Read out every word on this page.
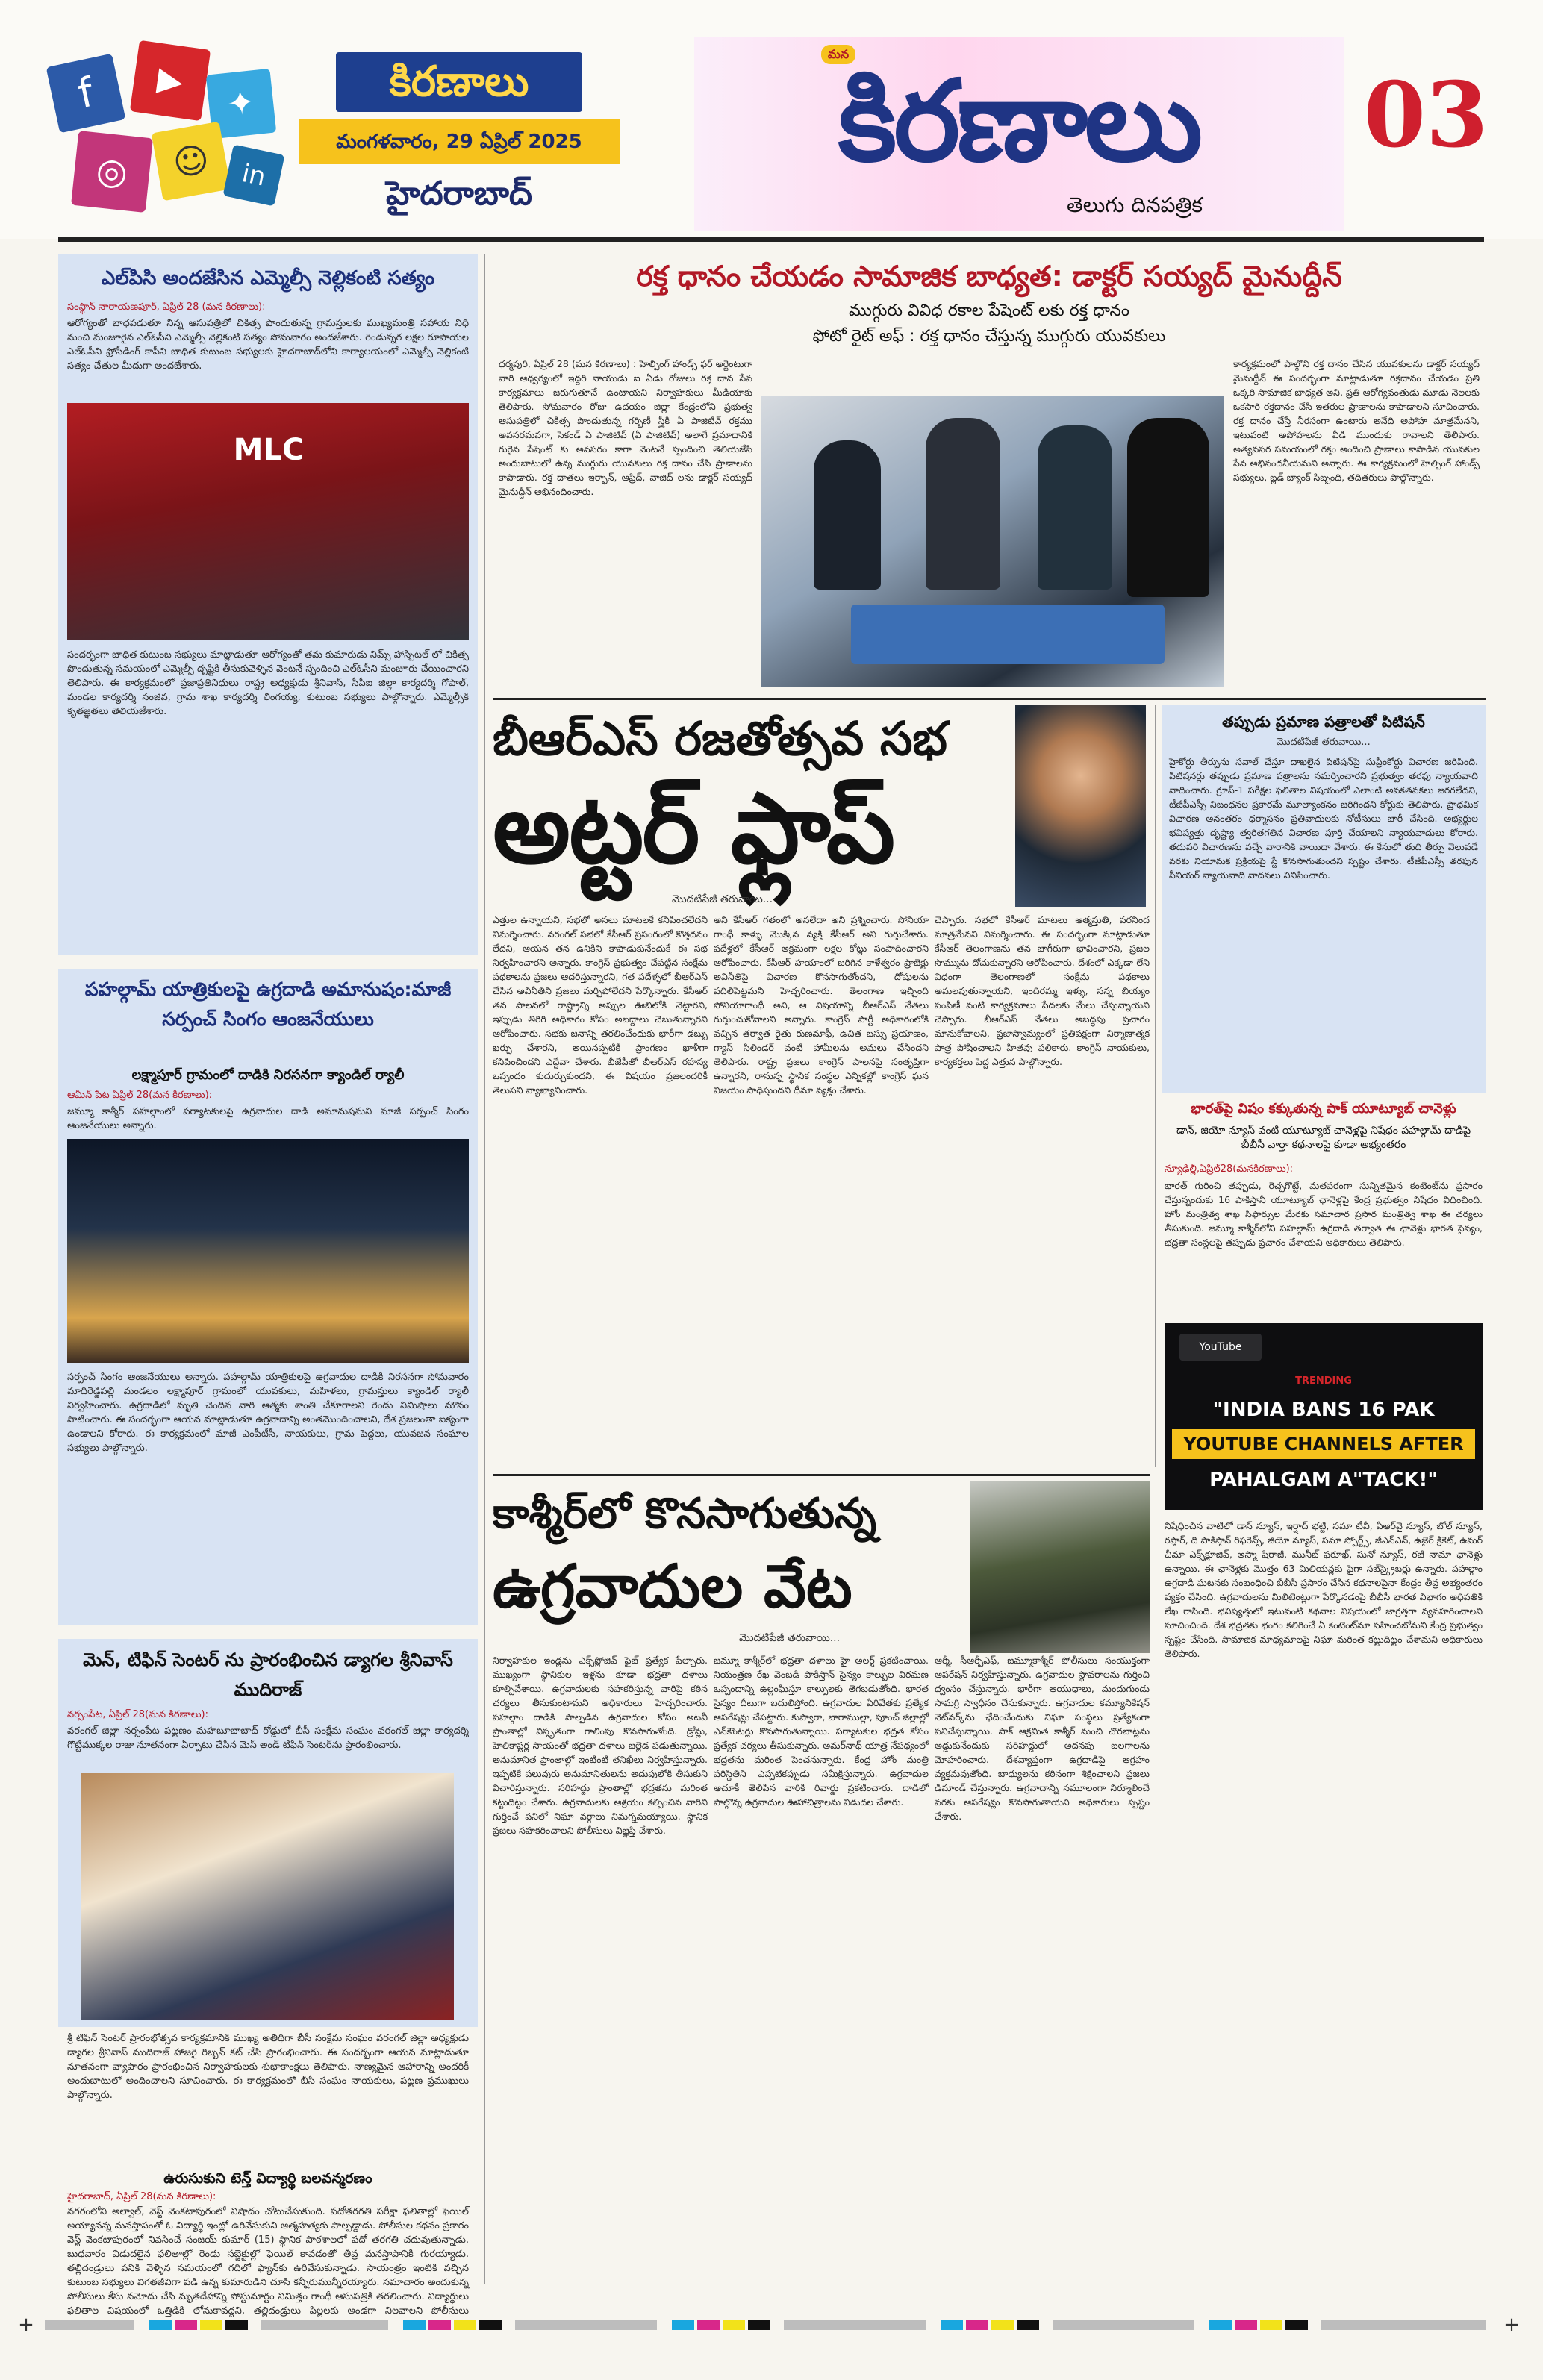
f	▶
✦
◎	☺	in
కిరణాలు
మంగళవారం, 29 ఏప్రిల్ 2025
హైదరాబాద్
మన
కిరణాలు
తెలుగు దినపత్రిక
03
ఎల్‌పిసి అందజేసిన ఎమ్మెల్సీ నెల్లికంటి సత్యం
సంస్థాన్ నారాయణపూర్, ఏప్రిల్ 28 (మన కిరణాలు):
ఆరోగ్యంతో బాధపడుతూ నిన్న ఆసుపత్రిలో చికిత్స పొందుతున్న గ్రామస్తులకు ముఖ్యమంత్రి సహాయ నిధి నుంచి మంజూరైన ఎల్‌ఓసీని ఎమ్మెల్సీ నెల్లికంటి సత్యం సోమవారం అందజేశారు. రెండున్నర లక్షల రూపాయల ఎల్‌ఓసీని ఫ్రోసీడింగ్ కాపీని బాధిత కుటుంబ సభ్యులకు హైదరాబాద్‌లోని కార్యాలయంలో ఎమ్మెల్సీ నెల్లికంటి సత్యం చేతుల మీదుగా అందజేశారు.
MLC
సందర్భంగా బాధిత కుటుంబ సభ్యులు మాట్లాడుతూ ఆరోగ్యంతో తమ కుమారుడు నిమ్స్ హాస్పిటల్ లో చికిత్స పొందుతున్న సమయంలో ఎమ్మెల్సీ దృష్టికి తీసుకువెళ్ళిన వెంటనే స్పందించి ఎల్‌ఓసీని మంజూరు చేయించారని తెలిపారు. ఈ కార్యక్రమంలో ప్రజాప్రతినిధులు రాష్ట్ర అధ్యక్షుడు శ్రీనివాస్, సీపీఐ జిల్లా కార్యదర్శి గోపాల్, మండల కార్యదర్శి సంజీవ, గ్రామ శాఖ కార్యదర్శి లింగయ్య, కుటుంబ సభ్యులు పాల్గొన్నారు. ఎమ్మెల్సీకి కృతజ్ఞతలు తెలియజేశారు.
పహల్గామ్ యాత్రికులపై ఉగ్రదాడి అమానుషం:మాజీ సర్పంచ్ సింగం ఆంజనేయులు
లక్ష్మాపూర్ గ్రామంలో దాడికి నిరసనగా క్యాండిల్ ర్యాలీ
ఆమీన్ పేట ఏప్రిల్ 28(మన కిరణాలు):
జమ్మూ కాశ్మీర్ పహల్గాంలో పర్యాటకులపై ఉగ్రవాదుల దాడి అమానుషమని మాజీ సర్పంచ్ సింగం ఆంజనేయులు అన్నారు.
సర్పంచ్ సింగం ఆంజనేయులు అన్నారు. పహల్గామ్ యాత్రికులపై ఉగ్రవాదుల దాడికి నిరసనగా సోమవారం మాదిరెడ్డిపల్లి మండలం లక్ష్మాపూర్ గ్రామంలో యువకులు, మహిళలు, గ్రామస్తులు క్యాండిల్ ర్యాలీ నిర్వహించారు. ఉగ్రదాడిలో మృతి చెందిన వారి ఆత్మకు శాంతి చేకూరాలని రెండు నిమిషాలు మౌనం పాటించారు. ఈ సందర్భంగా ఆయన మాట్లాడుతూ ఉగ్రవాదాన్ని అంతమొందించాలని, దేశ ప్రజలంతా ఐక్యంగా ఉండాలని కోరారు. ఈ కార్యక్రమంలో మాజీ ఎంపీటీసీ, నాయకులు, గ్రామ పెద్దలు, యువజన సంఘాల సభ్యులు పాల్గొన్నారు.
మెన్, టిఫిన్ సెంటర్ ను ప్రారంభించిన డ్యాగల శ్రీనివాస్ ముదిరాజ్
నర్సంపేట, ఏప్రిల్ 28(మన కిరణాలు):
వరంగల్ జిల్లా నర్సంపేట పట్టణం మహబూబాబాద్ రోడ్డులో బీసీ సంక్షేమ సంఘం వరంగల్ జిల్లా కార్యదర్శి గొట్టిముక్కల రాజు నూతనంగా ఏర్పాటు చేసిన మెస్ అండ్ టిఫిన్ సెంటర్‌ను ప్రారంభించారు.
శ్రీ టిఫిన్ సెంటర్ ప్రారంభోత్సవ కార్యక్రమానికి ముఖ్య అతిథిగా బీసీ సంక్షేమ సంఘం వరంగల్ జిల్లా అధ్యక్షుడు డ్యాగల శ్రీనివాస్ ముదిరాజ్ హాజరై రిబ్బన్ కట్ చేసి ప్రారంభించారు. ఈ సందర్భంగా ఆయన మాట్లాడుతూ నూతనంగా వ్యాపారం ప్రారంభించిన నిర్వాహకులకు శుభాకాంక్షలు తెలిపారు. నాణ్యమైన ఆహారాన్ని అందరికీ అందుబాటులో అందించాలని సూచించారు. ఈ కార్యక్రమంలో బీసీ సంఘం నాయకులు, పట్టణ ప్రముఖులు పాల్గొన్నారు.
ఉరుసుకుని టెన్త్ విద్యార్థి బలవన్మరణం
హైదరాబాద్, ఏప్రిల్ 28(మన కిరణాలు):
నగరంలోని అల్వాల్, వెస్ట్ వెంకటాపురంలో విషాదం చోటుచేసుకుంది. పదోతరగతి పరీక్షా ఫలితాల్లో ఫెయిల్ అయ్యానన్న మనస్తాపంతో ఓ విద్యార్థి ఇంట్లో ఉరివేసుకుని ఆత్మహత్యకు పాల్పడ్డాడు. పోలీసుల కథనం ప్రకారం వెస్ట్ వెంకటాపురంలో నివసించే సంజయ్ కుమార్ (15) స్థానిక పాఠశాలలో పదో తరగతి చదువుతున్నాడు. బుధవారం విడుదలైన ఫలితాల్లో రెండు సబ్జెక్టుల్లో ఫెయిల్ కావడంతో తీవ్ర మనస్తాపానికి గురయ్యాడు. తల్లిదండ్రులు పనికి వెళ్ళిన సమయంలో గదిలో ఫ్యాన్‌కు ఉరివేసుకున్నాడు. సాయంత్రం ఇంటికి వచ్చిన కుటుంబ సభ్యులు విగతజీవిగా పడి ఉన్న కుమారుడిని చూసి కన్నీరుమున్నీరయ్యారు. సమాచారం అందుకున్న పోలీసులు కేసు నమోదు చేసి మృతదేహాన్ని పోస్టుమార్టం నిమిత్తం గాంధీ ఆసుపత్రికి తరలించారు. విద్యార్థులు ఫలితాల విషయంలో ఒత్తిడికి లోనుకావద్దని, తల్లిదండ్రులు పిల్లలకు అండగా నిలవాలని పోలీసులు
రక్త ధానం చేయడం సామాజిక బాధ్యత: డాక్టర్ సయ్యద్ మైనుద్దీన్
ముగ్గురు వివిధ రకాల పేషెంట్ లకు రక్త ధానం
ఫోటో రైట్ అఫ్ : రక్త ధానం చేస్తున్న ముగ్గురు యువకులు
ధర్మపురి, ఏప్రిల్ 28 (మన కిరణాలు) : హెల్పింగ్ హాండ్స్ ఫర్ అర్జెంటుగా వారి ఆధ్వర్యంలో ఇద్దరి నాయుడు ఐ ఏడు రోజులు రక్త దాన సేవ కార్యక్రమాలు జరుగుతూనే ఉంటాయని నిర్వాహకులు మీడియాకు తెలిపారు. సోమవారం రోజు ఉదయం జిల్లా కేంద్రంలోని ప్రభుత్వ ఆసుపత్రిలో చికిత్స పొందుతున్న గర్భిణీ స్త్రీకి ఏ పాజిటివ్ రక్తము అవసరమవగా, సెకండ్ ఏ పాజిటివ్ (ఏ పాజిటివ్) అలాగే ప్రమాదానికి గురైన పేషెంట్ కు అవసరం కాగా వెంటనే స్పందించి తెలియజేసి అందుబాటులో ఉన్న ముగ్గురు యువకులు రక్త దానం చేసి ప్రాణాలను కాపాడారు. రక్త దాతలు ఇర్ఫాన్, ఆఫ్రిద్, వాజిద్ లను డాక్టర్ సయ్యద్ మైనుద్దీన్ అభినందించారు.
కార్యక్రమంలో పాల్గొని రక్త దానం చేసిన యువకులను డాక్టర్ సయ్యద్ మైనుద్దీన్ ఈ సందర్భంగా మాట్లాడుతూ రక్తదానం చేయడం ప్రతి ఒక్కరి సామాజిక బాధ్యత అని, ప్రతి ఆరోగ్యవంతుడు మూడు నెలలకు ఒకసారి రక్తదానం చేసి ఇతరుల ప్రాణాలను కాపాడాలని సూచించారు. రక్త దానం చేస్తే నీరసంగా ఉంటారు అనేది అపోహ మాత్రమేనని, ఇటువంటి అపోహలను వీడి ముందుకు రావాలని తెలిపారు. అత్యవసర సమయంలో రక్తం అందించి ప్రాణాలు కాపాడిన యువకుల సేవ అభినందనీయమని అన్నారు. ఈ కార్యక్రమంలో హెల్పింగ్ హాండ్స్ సభ్యులు, బ్లడ్ బ్యాంక్ సిబ్బంది, తదితరులు పాల్గొన్నారు.
బీఆర్ఎస్ రజతోత్సవ సభ
అట్టర్ ఫ్లాప్
మొదటిపేజీ తరువాయి...
ఎత్తుల ఉన్నాయని, సభలో అసలు మాటలకే కనిపించలేదని విమర్శించారు. వరంగల్ సభలో కేసీఆర్ ప్రసంగంలో కొత్తదనం లేదని, ఆయన తన ఉనికిని కాపాడుకునేందుకే ఈ సభ నిర్వహించారని అన్నారు. కాంగ్రెస్ ప్రభుత్వం చేపట్టిన సంక్షేమ పథకాలను ప్రజలు ఆదరిస్తున్నారని, గత పదేళ్ళలో బీఆర్ఎస్ చేసిన అవినీతిని ప్రజలు మర్చిపోలేదని పేర్కొన్నారు. కేసీఆర్ తన పాలనలో రాష్ట్రాన్ని అప్పుల ఊబిలోకి నెట్టారని, ఇప్పుడు తిరిగి అధికారం కోసం అబద్దాలు చెబుతున్నారని ఆరోపించారు. సభకు జనాన్ని తరలించేందుకు భారీగా డబ్బు ఖర్చు చేశారని, అయినప్పటికీ ప్రాంగణం ఖాళీగా కనిపించిందని ఎద్దేవా చేశారు. బీజేపీతో బీఆర్ఎస్ రహస్య ఒప్పందం కుదుర్చుకుందని, ఈ విషయం ప్రజలందరికీ తెలుసని వ్యాఖ్యానించారు.
అని కేసీఆర్ గతంలో అనలేదా అని ప్రశ్నించారు. సోనియా గాంధీ కాళ్ళు మొక్కిన వ్యక్తి కేసీఆర్ అని గుర్తుచేశారు. పదేళ్లలో కేసీఆర్ అక్రమంగా లక్షల కోట్లు సంపాదించారని ఆరోపించారు. కేసీఆర్ హయాంలో జరిగిన కాళేశ్వరం ప్రాజెక్టు అవినీతిపై విచారణ కొనసాగుతోందని, దోషులను వదిలిపెట్టమని హెచ్చరించారు. తెలంగాణ ఇచ్చింది సోనియాగాంధీ అని, ఆ విషయాన్ని బీఆర్ఎస్ నేతలు గుర్తుంచుకోవాలని అన్నారు. కాంగ్రెస్ పార్టీ అధికారంలోకి వచ్చిన తర్వాత రైతు రుణమాఫీ, ఉచిత బస్సు ప్రయాణం, గ్యాస్ సిలిండర్ వంటి హామీలను అమలు చేసిందని తెలిపారు. రాష్ట్ర ప్రజలు కాంగ్రెస్ పాలనపై సంతృప్తిగా ఉన్నారని, రానున్న స్థానిక సంస్థల ఎన్నికల్లో కాంగ్రెస్ ఘన విజయం సాధిస్తుందని ధీమా వ్యక్తం చేశారు.
చెప్పారు. సభలో కేసీఆర్ మాటలు ఆత్మస్తుతి, పరనింద మాత్రమేనని విమర్శించారు. ఈ సందర్భంగా మాట్లాడుతూ కేసీఆర్ తెలంగాణను తన జాగీరుగా భావించారని, ప్రజల సొమ్మును దోచుకున్నారని ఆరోపించారు. దేశంలో ఎక్కడా లేని విధంగా తెలంగాణలో సంక్షేమ పథకాలు అమలవుతున్నాయని, ఇందిరమ్మ ఇళ్ళు, సన్న బియ్యం పంపిణీ వంటి కార్యక్రమాలు పేదలకు మేలు చేస్తున్నాయని చెప్పారు. బీఆర్ఎస్ నేతలు అబద్ధపు ప్రచారం మానుకోవాలని, ప్రజాస్వామ్యంలో ప్రతిపక్షంగా నిర్మాణాత్మక పాత్ర పోషించాలని హితవు పలికారు. కాంగ్రెస్ నాయకులు, కార్యకర్తలు పెద్ద ఎత్తున పాల్గొన్నారు.
తప్పుడు ప్రమాణ పత్రాలతో పిటిషన్
మొదటిపేజీ తరువాయి...
హైకోర్టు తీర్పును సవాల్ చేస్తూ దాఖలైన పిటిషన్‌పై సుప్రీంకోర్టు విచారణ జరిపింది. పిటిషనర్లు తప్పుడు ప్రమాణ పత్రాలను సమర్పించారని ప్రభుత్వం తరఫు న్యాయవాది వాదించారు. గ్రూప్-1 పరీక్షల ఫలితాల విషయంలో ఎలాంటి అవకతవకలు జరగలేదని, టీజీపీఎస్సీ నిబంధనల ప్రకారమే మూల్యాంకనం జరిగిందని కోర్టుకు తెలిపారు. ప్రాథమిక విచారణ అనంతరం ధర్మాసనం ప్రతివాదులకు నోటీసులు జారీ చేసింది. అభ్యర్థుల భవిష్యత్తు దృష్ట్యా త్వరితగతిన విచారణ పూర్తి చేయాలని న్యాయవాదులు కోరారు. తదుపరి విచారణను వచ్చే వారానికి వాయిదా వేశారు. ఈ కేసులో తుది తీర్పు వెలువడే వరకు నియామక ప్రక్రియపై స్టే కొనసాగుతుందని స్పష్టం చేశారు. టీజీపీఎస్సీ తరఫున సీనియర్ న్యాయవాది వాదనలు వినిపించారు.
భారత్‌పై విషం కక్కుతున్న పాక్ యూట్యూబ్ చానెళ్లు
డాన్, జియో న్యూస్ వంటి యూట్యూబ్ చానెళ్లపై నిషేధం పహల్గామ్ దాడిపై బీబీసీ వార్తా కథనాలపై కూడా అభ్యంతరం
న్యూఢిల్లీ,ఏప్రిల్28(మనకిరణాలు):
భారత్ గురించి తప్పుడు, రెచ్చగొట్టే, మతపరంగా సున్నితమైన కంటెంట్‌ను ప్రసారం చేస్తున్నందుకు 16 పాకిస్తానీ యూట్యూబ్ ఛానెళ్లపై కేంద్ర ప్రభుత్వం నిషేధం విధించింది. హోం మంత్రిత్వ శాఖ సిఫార్సుల మేరకు సమాచార ప్రసార మంత్రిత్వ శాఖ ఈ చర్యలు తీసుకుంది. జమ్మూ కాశ్మీర్‌లోని పహల్గామ్ ఉగ్రదాడి తర్వాత ఈ ఛానెళ్లు భారత సైన్యం, భద్రతా సంస్థలపై తప్పుడు ప్రచారం చేశాయని అధికారులు తెలిపారు.
YouTube
TRENDING
"INDIA BANS 16 PAK
YOUTUBE CHANNELS AFTER
PAHALGAM A"TACK!"
నిషేధించిన వాటిలో డాన్ న్యూస్, ఇర్షాద్ భట్టి, సమా టీవీ, ఏఆర్‌వై న్యూస్, బోల్ న్యూస్, రఫ్తార్, ది పాకిస్తాన్ రిఫరెన్స్, జియో న్యూస్, సమా స్పోర్ట్స్, జీఎన్ఎన్, ఉజైర్ క్రికెట్, ఉమర్ చీమా ఎక్స్‌క్లూజివ్, అస్మా షిరాజీ, మునీబ్ ఫరూఖ్, సునో న్యూస్, రజీ నామా ఛానెళ్లు ఉన్నాయి. ఈ ఛానెళ్లకు మొత్తం 63 మిలియన్లకు పైగా సబ్‌స్క్రైబర్లు ఉన్నారు. పహల్గాం ఉగ్రదాడి ఘటనకు సంబంధించి బీబీసీ ప్రసారం చేసిన కథనాలపైనా కేంద్రం తీవ్ర అభ్యంతరం వ్యక్తం చేసింది. ఉగ్రవాదులను మిలిటెంట్లుగా పేర్కొనడంపై బీబీసీ భారత విభాగం అధిపతికి లేఖ రాసింది. భవిష్యత్తులో ఇటువంటి కథనాల విషయంలో జాగ్రత్తగా వ్యవహరించాలని సూచించింది. దేశ భద్రతకు భంగం కలిగించే ఏ కంటెంట్‌నూ సహించబోమని కేంద్ర ప్రభుత్వం స్పష్టం చేసింది. సామాజిక మాధ్యమాలపై నిఘా మరింత కట్టుదిట్టం చేశామని అధికారులు తెలిపారు.
కాశ్మీర్‌లో కొనసాగుతున్న
ఉగ్రవాదుల వేట
మొదటిపేజీ తరువాయి...
నిర్వాహకుల ఇండ్లను ఎక్స్‌ప్లోజివ్ ఫైజ్ ప్రత్యేక పేల్చారు. ముఖ్యంగా స్థానికుల ఇళ్లను కూడా భద్రతా దళాలు కూల్చివేశాయి. ఉగ్రవాదులకు సహకరిస్తున్న వారిపై కఠిన చర్యలు తీసుకుంటామని అధికారులు హెచ్చరించారు. పహల్గాం దాడికి పాల్పడిన ఉగ్రవాదుల కోసం అటవీ ప్రాంతాల్లో విస్తృతంగా గాలింపు కొనసాగుతోంది. డ్రోన్లు, హెలికాప్టర్ల సాయంతో భద్రతా దళాలు జల్లెడ పడుతున్నాయి. అనుమానిత ప్రాంతాల్లో ఇంటింటి తనిఖీలు నిర్వహిస్తున్నారు. ఇప్పటికే పలువురు అనుమానితులను అదుపులోకి తీసుకుని విచారిస్తున్నారు. సరిహద్దు ప్రాంతాల్లో భద్రతను మరింత కట్టుదిట్టం చేశారు. ఉగ్రవాదులకు ఆశ్రయం కల్పించిన వారిని గుర్తించే పనిలో నిఘా వర్గాలు నిమగ్నమయ్యాయి. స్థానిక ప్రజలు సహకరించాలని పోలీసులు విజ్ఞప్తి చేశారు.
జమ్మూ కాశ్మీర్‌లో భద్రతా దళాలు హై అలర్ట్ ప్రకటించాయి. నియంత్రణ రేఖ వెంబడి పాకిస్తాన్ సైన్యం కాల్పుల విరమణ ఒప్పందాన్ని ఉల్లంఘిస్తూ కాల్పులకు తెగబడుతోంది. భారత సైన్యం దీటుగా బదులిస్తోంది. ఉగ్రవాదుల ఏరివేతకు ప్రత్యేక ఆపరేషన్లు చేపట్టారు. కుప్వారా, బారాముల్లా, పూంచ్ జిల్లాల్లో ఎన్‌కౌంటర్లు కొనసాగుతున్నాయి. పర్యాటకుల భద్రత కోసం ప్రత్యేక చర్యలు తీసుకున్నారు. అమర్‌నాథ్ యాత్ర నేపథ్యంలో భద్రతను మరింత పెంచనున్నారు. కేంద్ర హోం మంత్రి పరిస్థితిని ఎప్పటికప్పుడు సమీక్షిస్తున్నారు. ఉగ్రవాదుల ఆచూకీ తెలిపిన వారికి రివార్డు ప్రకటించారు. దాడిలో పాల్గొన్న ఉగ్రవాదుల ఊహాచిత్రాలను విడుదల చేశారు.
ఆర్మీ, సీఆర్పీఎఫ్, జమ్మూకాశ్మీర్ పోలీసులు సంయుక్తంగా ఆపరేషన్ నిర్వహిస్తున్నారు. ఉగ్రవాదుల స్థావరాలను గుర్తించి ధ్వంసం చేస్తున్నారు. భారీగా ఆయుధాలు, మందుగుండు సామగ్రి స్వాధీనం చేసుకున్నారు. ఉగ్రవాదుల కమ్యూనికేషన్ నెట్‌వర్క్‌ను ఛేదించేందుకు నిఘా సంస్థలు ప్రత్యేకంగా పనిచేస్తున్నాయి. పాక్ ఆక్రమిత కాశ్మీర్ నుంచి చొరబాట్లను అడ్డుకునేందుకు సరిహద్దులో అదనపు బలగాలను మోహరించారు. దేశవ్యాప్తంగా ఉగ్రదాడిపై ఆగ్రహం వ్యక్తమవుతోంది. బాధ్యులను కఠినంగా శిక్షించాలని ప్రజలు డిమాండ్ చేస్తున్నారు. ఉగ్రవాదాన్ని సమూలంగా నిర్మూలించే వరకు ఆపరేషన్లు కొనసాగుతాయని అధికారులు స్పష్టం చేశారు.
+	+
